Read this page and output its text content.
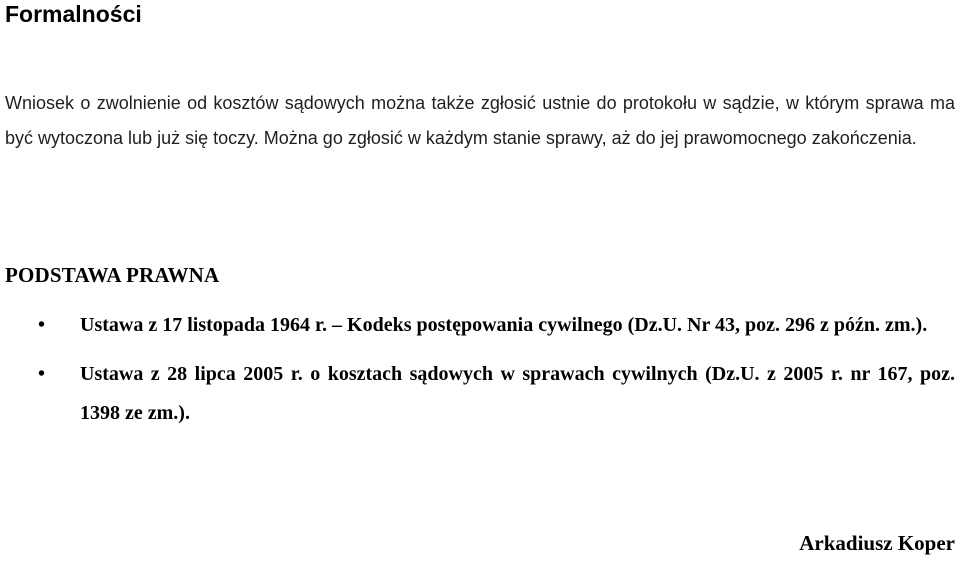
Formalności

Wniosek o zwolnienie od kosztów sądowych można także zgłosić ustnie do protokołu w sądzie, w którym sprawa ma być wytoczona lub już się toczy. Można go zgłosić w każdym stanie sprawy, aż do jej prawomocnego zakończenia.

PODSTAWA PRAWNA
• Ustawa z 17 listopada 1964 r. – Kodeks postępowania cywilnego (Dz.U. Nr 43, poz. 296 z późn. zm.).
• Ustawa z 28 lipca 2005 r. o kosztach sądowych w sprawach cywilnych (Dz.U. z 2005 r. nr 167, poz. 1398 ze zm.).

Arkadiusz Koper
